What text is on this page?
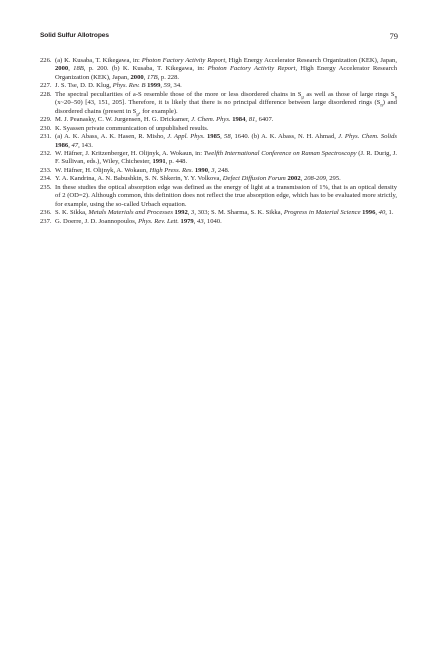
Solid Sulfur Allotropes	79
226. (a) K. Kusaba, T. Kikegawa, in: Photon Factory Activity Report, High Energy Accelerator Research Organization (KEK), Japan, 2000, 18B, p. 200. (b) K. Kusaba, T. Kikegawa, in: Photon Factory Activity Report, High Energy Accelerator Research Organization (KEK), Japan, 2000, 17B, p. 228.
227. J. S. Tse, D. D. Klug, Phys. Rev. B 1999, 59, 34.
228. The spectral peculiarities of a-S resemble those of the more or less disordered chains in $S_\mu$ as well as those of large rings $S_n$ (x~20–50) [43, 151, 205]. Therefore, it is likely that there is no principal difference between large disordered rings $(S_n)$ and disordered chains (present in $S_\mu$, for example).
229. M. J. Peanasky, C. W. Jurgensen, H. G. Drickamer, J. Chem. Phys. 1984, 81, 6407.
230. K. Syassen private communication of unpublished results.
231. (a) A. K. Abass, A. K. Hasen, R. Misho, J. Appl. Phys. 1985, 58, 1640. (b) A. K. Abass, N. H. Ahmad, J. Phys. Chem. Solids 1986, 47, 143.
232. W. Häfner, J. Kritzenberger, H. Olijnyk, A. Wokaun, in: Twelfth International Conference on Raman Spectroscopy (J. R. Durig, J. F. Sullivan, eds.), Wiley, Chichester, 1991, p. 448.
233. W. Häfner, H. Olijnyk, A. Wokaun, High Press. Res. 1990, 3, 248.
234. Y. A. Kandrina, A. N. Babushkin, S. N. Shkerin, Y. Y. Volkova, Defect Diffusion Forum 2002, 208-209, 295.
235. In these studies the optical absorption edge was defined as the energy of light at a transmission of 1%, that is an optical density of 2 (OD=2). Although common, this definition does not reflect the true absorption edge, which has to be evaluated more strictly, for example, using the so-called Urbach equation.
236. S. K. Sikka, Metals Materials and Processes 1992, 3, 303; S. M. Sharma, S. K. Sikka, Progress in Material Science 1996, 40, 1.
237. G. Doerre, J. D. Joannopoulos, Phys. Rev. Lett. 1979, 43, 1040.
